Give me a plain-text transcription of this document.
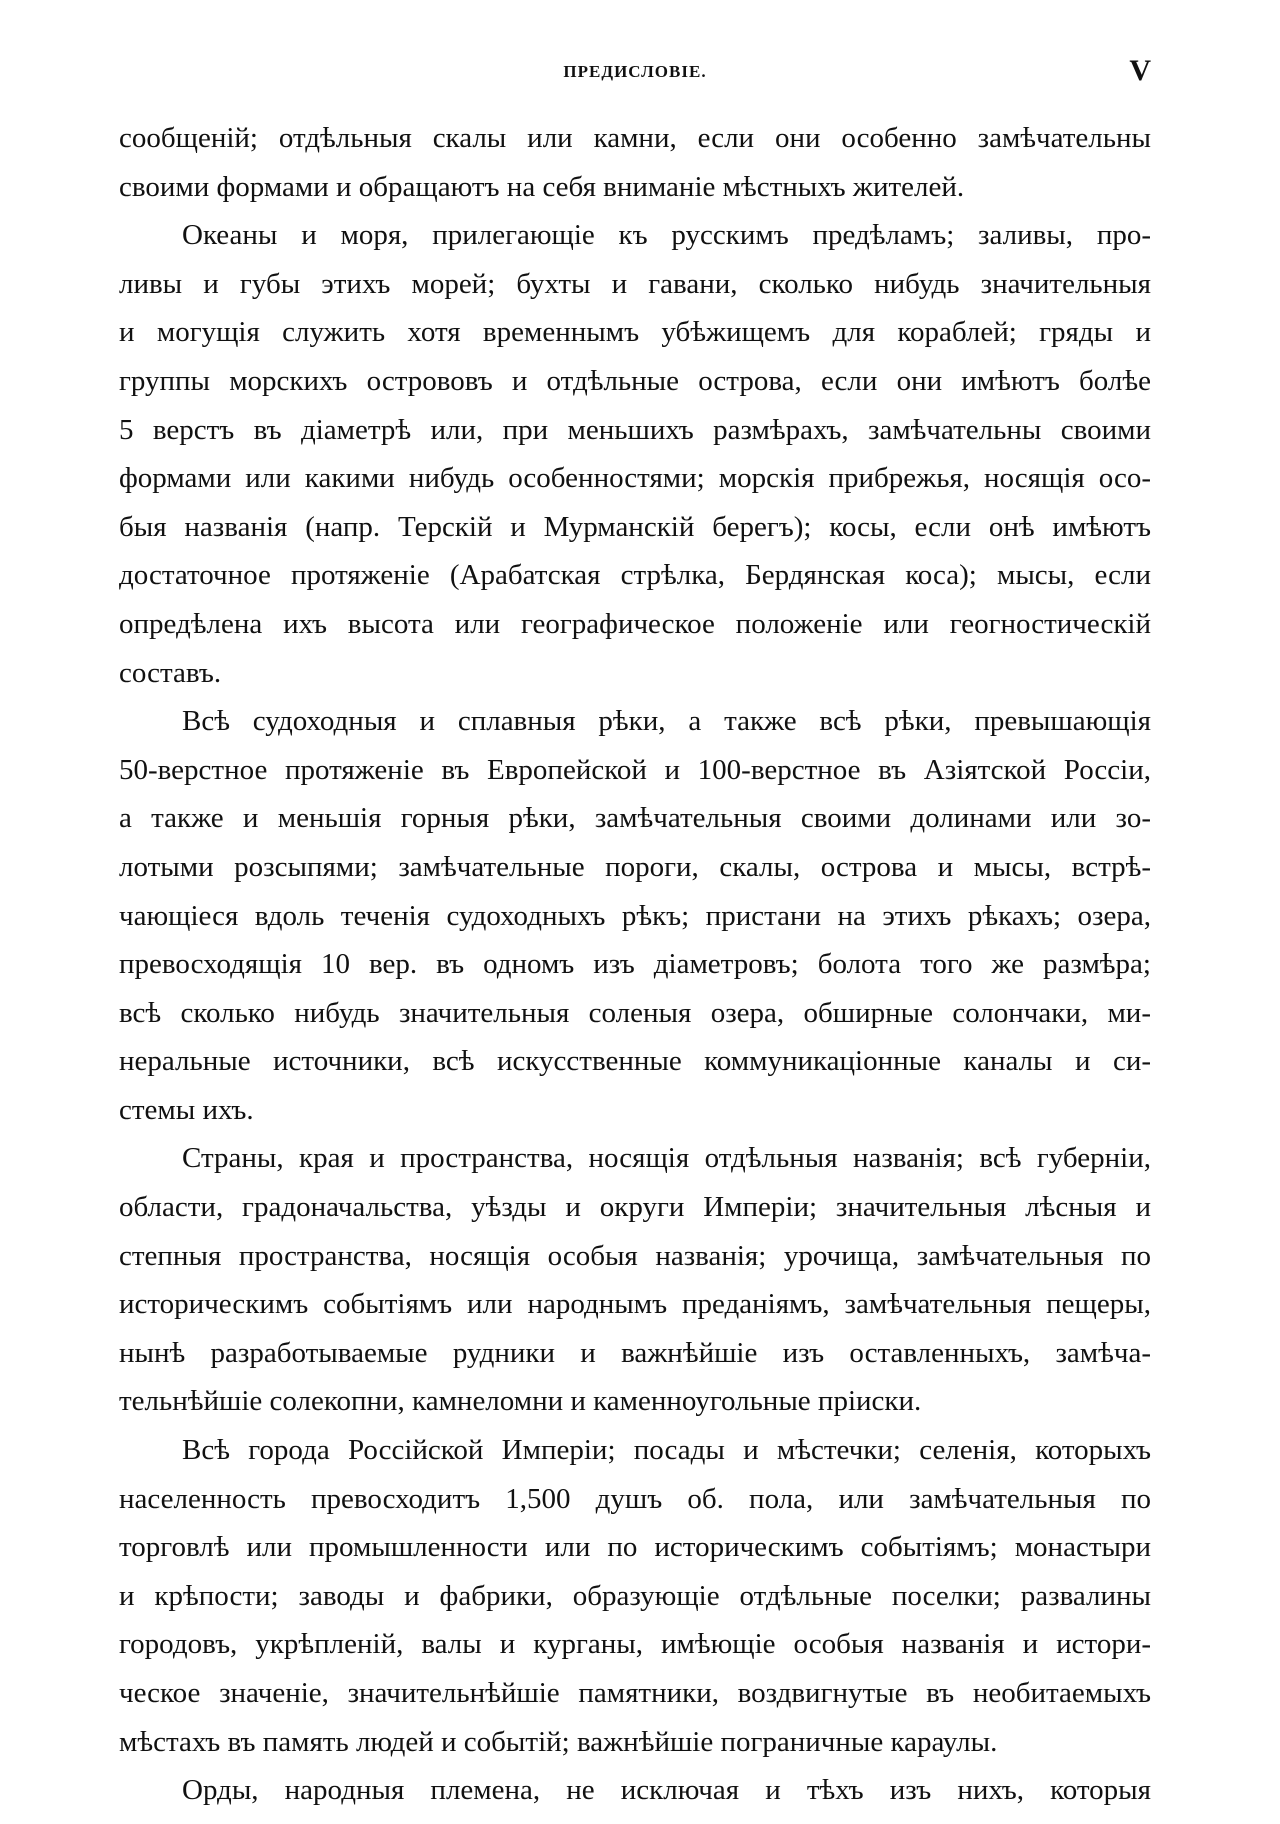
ПРЕДИСЛОВІЕ.	V
сообщеній; отдѣльныя скалы или камни, если они особенно замѣчательны
своими формами и обращаютъ на себя вниманіе мѣстныхъ жителей.
Океаны и моря, прилегающіе къ русскимъ предѣламъ; заливы, про-
ливы и губы этихъ морей; бухты и гавани, сколько нибудь значительныя
и могущія служить хотя временнымъ убѣжищемъ для кораблей; гряды и
группы морскихъ острововъ и отдѣльные острова, если они имѣютъ болѣе
5 верстъ въ діаметрѣ или, при меньшихъ размѣрахъ, замѣчательны своими
формами или какими нибудь особенностями; морскія прибрежья, носящія осо-
быя названія (напр. Терскій и Мурманскій берегъ); косы, если онѣ имѣютъ
достаточное протяженіе (Арабатская стрѣлка, Бердянская коса); мысы, если
опредѣлена ихъ высота или географическое положеніе или геогностическій
составъ.
Всѣ судоходныя и сплавныя рѣки, а также всѣ рѣки, превышающія
50-верстное протяженіе въ Европейской и 100-верстное въ Азіятской Россіи,
а также и меньшія горныя рѣки, замѣчательныя своими долинами или зо-
лотыми розсыпями; замѣчательные пороги, скалы, острова и мысы, встрѣ-
чающіеся вдоль теченія судоходныхъ рѣкъ; пристани на этихъ рѣкахъ; озера,
превосходящія 10 вер. въ одномъ изъ діаметровъ; болота того же размѣра;
всѣ сколько нибудь значительныя соленыя озера, обширные солончаки, ми-
неральные источники, всѣ искусственные коммуникаціонные каналы и си-
стемы ихъ.
Страны, края и пространства, носящія отдѣльныя названія; всѣ губерніи,
области, градоначальства, уѣзды и округи Имперіи; значительныя лѣсныя и
степныя пространства, носящія особыя названія; урочища, замѣчательныя по
историческимъ событіямъ или народнымъ преданіямъ, замѣчательныя пещеры,
нынѣ разработываемые рудники и важнѣйшіе изъ оставленныхъ, замѣча-
тельнѣйшіе солекопни, камнеломни и каменноугольные пріиски.
Всѣ города Россійской Имперіи; посады и мѣстечки; селенія, которыхъ
населенность превосходитъ 1,500 душъ об. пола, или замѣчательныя по
торговлѣ или промышленности или по историческимъ событіямъ; монастыри
и крѣпости; заводы и фабрики, образующіе отдѣльные поселки; развалины
городовъ, укрѣпленій, валы и курганы, имѣющіе особыя названія и истори-
ческое значеніе, значительнѣйшіе памятники, воздвигнутые въ необитаемыхъ
мѣстахъ въ память людей и событій; важнѣйшіе пограничные караулы.
Орды, народныя племена, не исключая и тѣхъ изъ нихъ, которыя
